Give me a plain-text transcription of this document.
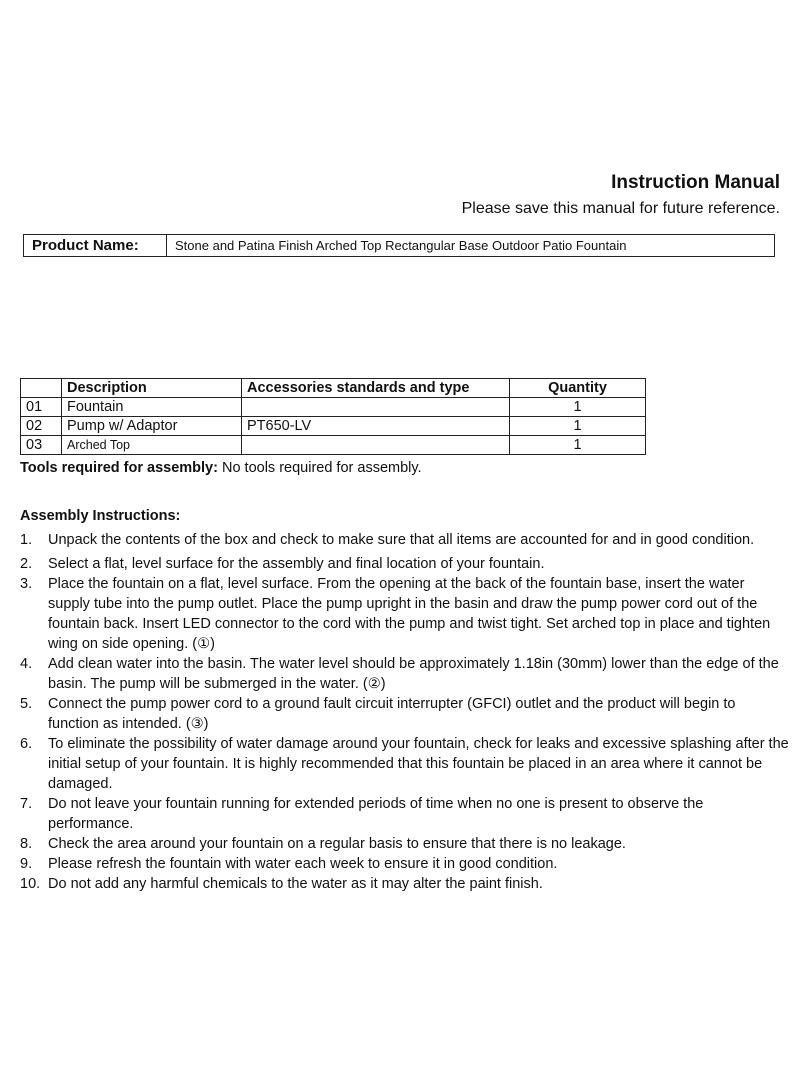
Instruction Manual
Please save this manual for future reference.
Product Name:	Stone and Patina Finish Arched Top Rectangular Base Outdoor Patio Fountain
	Description	Accessories standards and type	Quantity
01	Fountain		1
02	Pump w/ Adaptor	PT650-LV	1
03	Arched Top		1
Tools required for assembly: No tools required for assembly.
Assembly Instructions:
1. Unpack the contents of the box and check to make sure that all items are accounted for and in good condition.
2. Select a flat, level surface for the assembly and final location of your fountain.
3. Place the fountain on a flat, level surface. From the opening at the back of the fountain base, insert the water supply tube into the pump outlet. Place the pump upright in the basin and draw the pump power cord out of the fountain back. Insert LED connector to the cord with the pump and twist tight. Set arched top in place and tighten wing on side opening. (①)
4. Add clean water into the basin. The water level should be approximately 1.18in (30mm) lower than the edge of the basin. The pump will be submerged in the water. (②)
5. Connect the pump power cord to a ground fault circuit interrupter (GFCI) outlet and the product will begin to function as intended. (③)
6. To eliminate the possibility of water damage around your fountain, check for leaks and excessive splashing after the initial setup of your fountain. It is highly recommended that this fountain be placed in an area where it cannot be damaged.
7. Do not leave your fountain running for extended periods of time when no one is present to observe the performance.
8. Check the area around your fountain on a regular basis to ensure that there is no leakage.
9. Please refresh the fountain with water each week to ensure it in good condition.
10. Do not add any harmful chemicals to the water as it may alter the paint finish.
